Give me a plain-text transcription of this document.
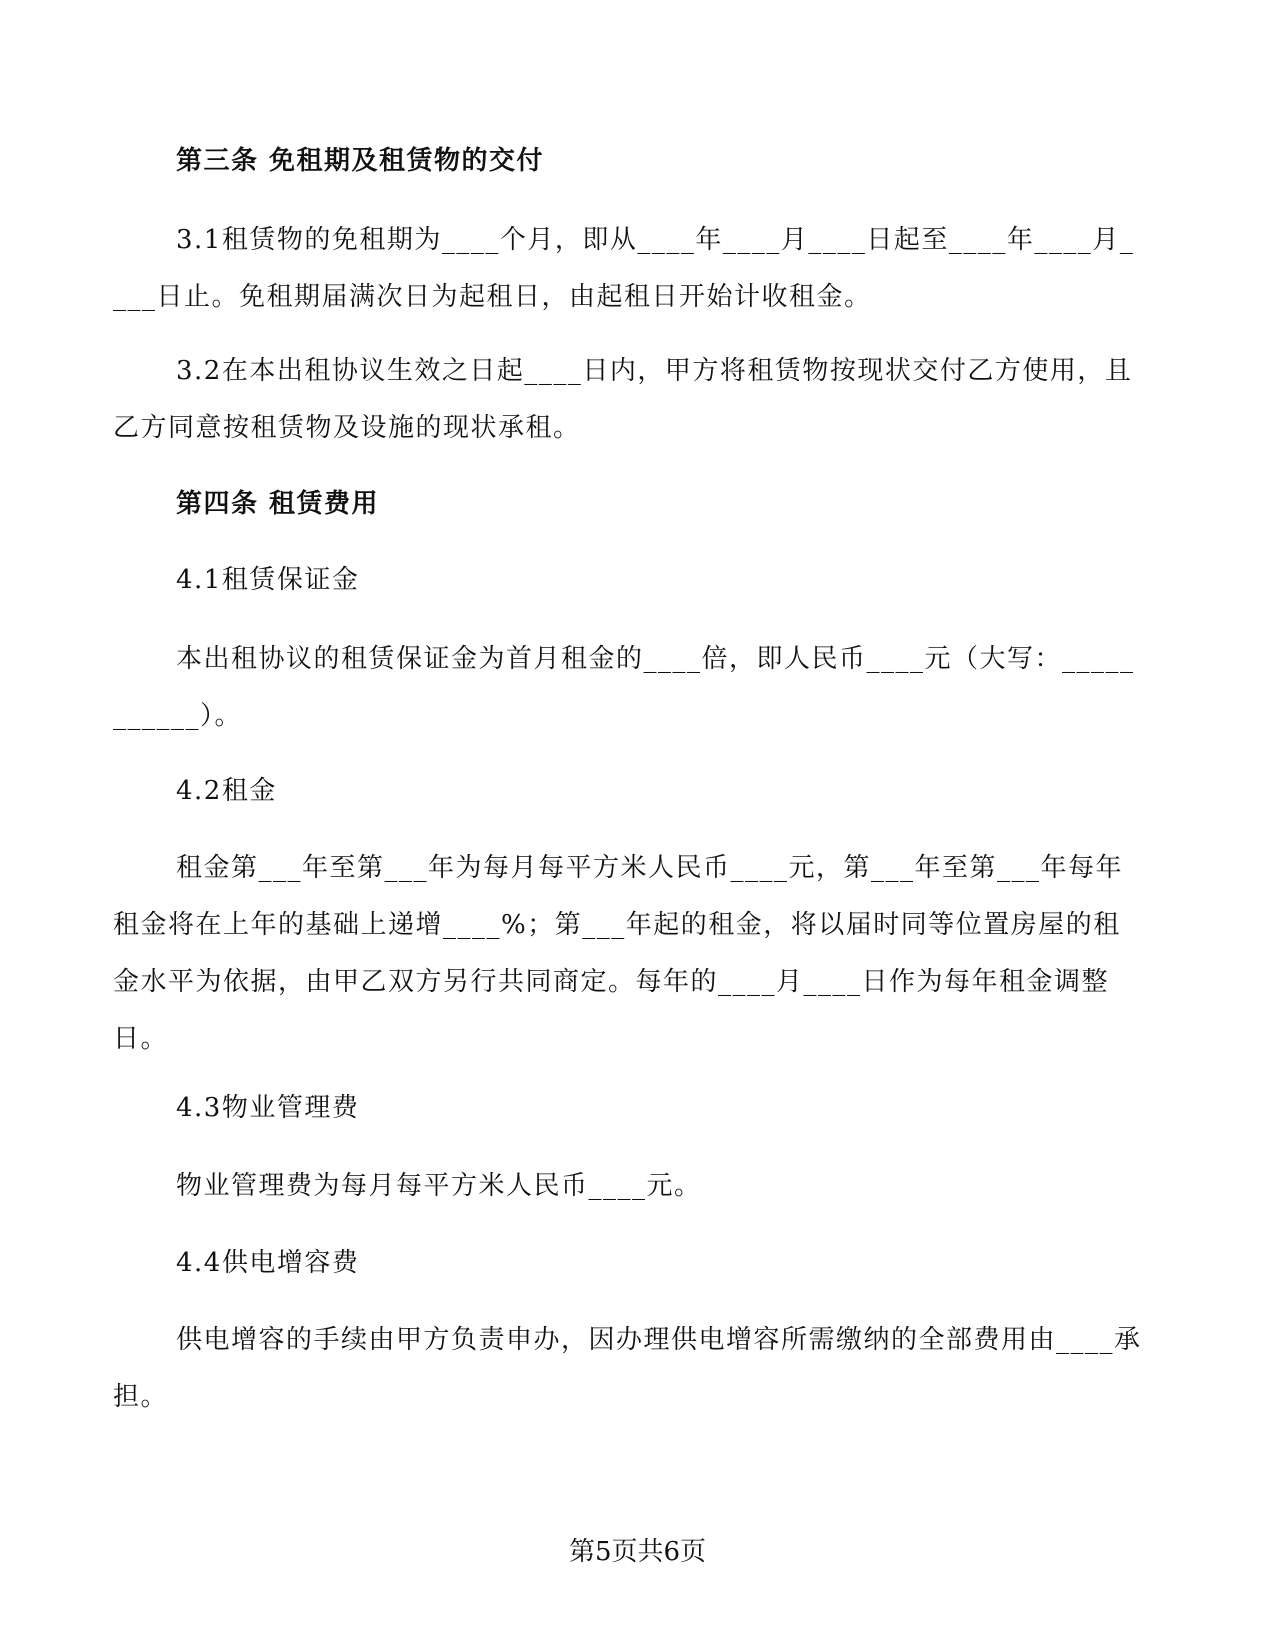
第三条 免租期及租赁物的交付
3.1租赁物的免租期为____个月，即从____年____月____日起至____年____月____日止。免租期届满次日为起租日，由起租日开始计收租金。
3.2在本出租协议生效之日起____日内，甲方将租赁物按现状交付乙方使用，且乙方同意按租赁物及设施的现状承租。
第四条 租赁费用
4.1租赁保证金
本出租协议的租赁保证金为首月租金的____倍，即人民币____元（大写：___________）。
4.2租金
租金第___年至第___年为每月每平方米人民币____元，第___年至第___年每年租金将在上年的基础上递增____%；第___年起的租金，将以届时同等位置房屋的租金水平为依据，由甲乙双方另行共同商定。每年的____月____日作为每年租金调整日。
4.3物业管理费
物业管理费为每月每平方米人民币____元。
4.4供电增容费
供电增容的手续由甲方负责申办，因办理供电增容所需缴纳的全部费用由____承担。
第5页共6页
